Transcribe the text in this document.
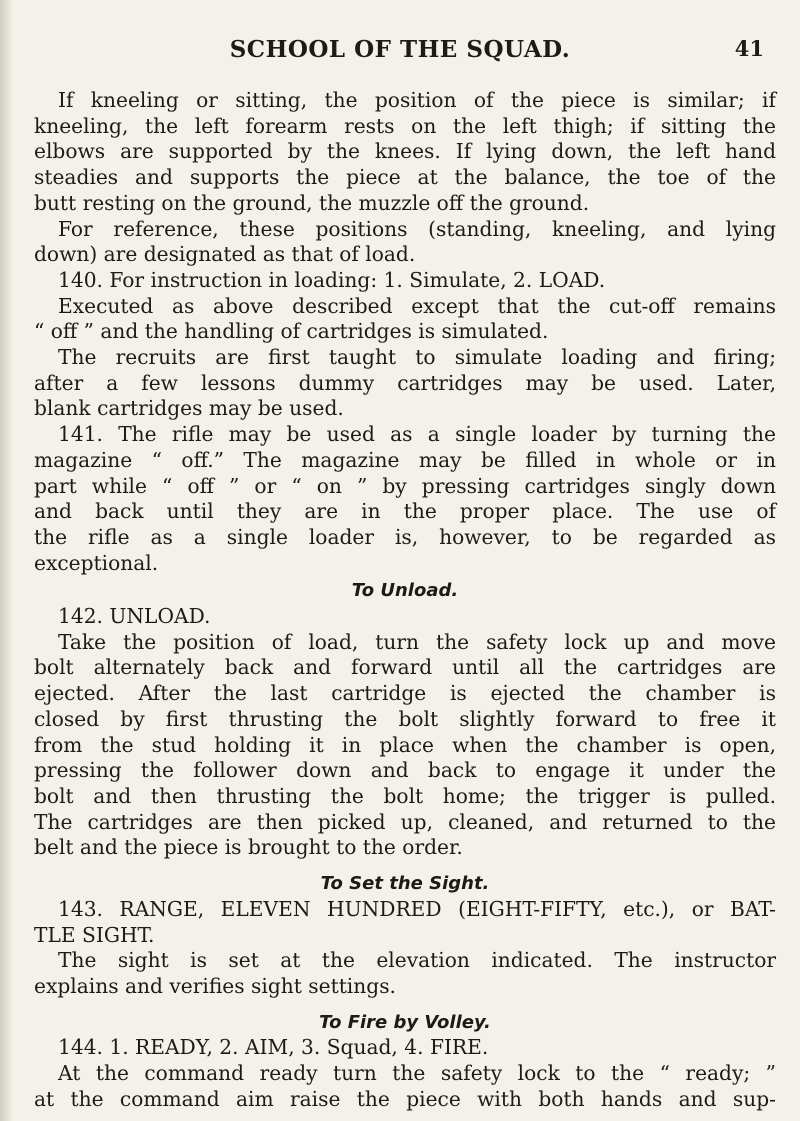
SCHOOL OF THE SQUAD.	41
If kneeling or sitting, the position of the piece is similar; if
kneeling, the left forearm rests on the left thigh; if sitting the
elbows are supported by the knees. If lying down, the left hand
steadies and supports the piece at the balance, the toe of the
butt resting on the ground, the muzzle off the ground.
For reference, these positions (standing, kneeling, and lying
down) are designated as that of load.
140. For instruction in loading: 1. Simulate, 2. LOAD.
Executed as above described except that the cut-off remains
“ off ” and the handling of cartridges is simulated.
The recruits are first taught to simulate loading and firing;
after a few lessons dummy cartridges may be used. Later,
blank cartridges may be used.
141. The rifle may be used as a single loader by turning the
magazine “ off.” The magazine may be filled in whole or in
part while “ off ” or “ on ” by pressing cartridges singly down
and back until they are in the proper place. The use of
the rifle as a single loader is, however, to be regarded as
exceptional.
To Unload.
142. UNLOAD.
Take the position of load, turn the safety lock up and move
bolt alternately back and forward until all the cartridges are
ejected. After the last cartridge is ejected the chamber is
closed by first thrusting the bolt slightly forward to free it
from the stud holding it in place when the chamber is open,
pressing the follower down and back to engage it under the
bolt and then thrusting the bolt home; the trigger is pulled.
The cartridges are then picked up, cleaned, and returned to the
belt and the piece is brought to the order.
To Set the Sight.
143. RANGE, ELEVEN HUNDRED (EIGHT-FIFTY, etc.), or BAT-
TLE SIGHT.
The sight is set at the elevation indicated. The instructor
explains and verifies sight settings.
To Fire by Volley.
144. 1. READY, 2. AIM, 3. Squad, 4. FIRE.
At the command ready turn the safety lock to the “ ready; ”
at the command aim raise the piece with both hands and sup-
